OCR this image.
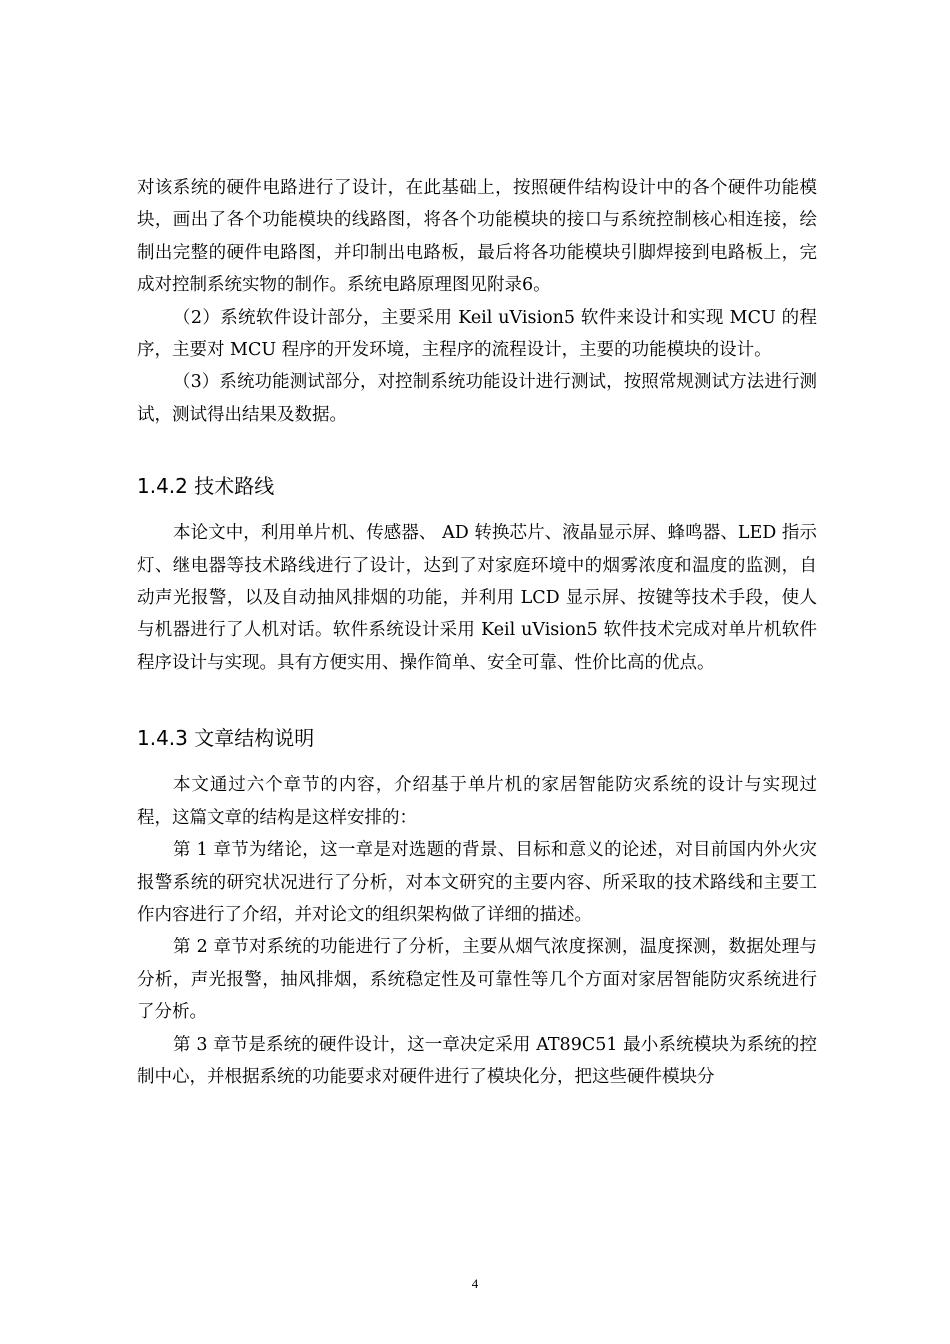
对该系统的硬件电路进行了设计，在此基础上，按照硬件结构设计中的各个硬件功能模块，画出了各个功能模块的线路图，将各个功能模块的接口与系统控制核心相连接，绘制出完整的硬件电路图，并印制出电路板，最后将各功能模块引脚焊接到电路板上，完成对控制系统实物的制作。系统电路原理图见附录6。

（2）系统软件设计部分，主要采用 Keil uVision5 软件来设计和实现 MCU 的程序，主要对 MCU 程序的开发环境，主程序的流程设计，主要的功能模块的设计。

（3）系统功能测试部分，对控制系统功能设计进行测试，按照常规测试方法进行测试，测试得出结果及数据。

1.4.2 技术路线

本论文中，利用单片机、传感器、 AD 转换芯片、液晶显示屏、蜂鸣器、LED 指示灯、继电器等技术路线进行了设计，达到了对家庭环境中的烟雾浓度和温度的监测，自动声光报警，以及自动抽风排烟的功能，并利用 LCD 显示屏、按键等技术手段，使人与机器进行了人机对话。软件系统设计采用 Keil uVision5 软件技术完成对单片机软件程序设计与实现。具有方便实用、操作简单、安全可靠、性价比高的优点。

1.4.3 文章结构说明

本文通过六个章节的内容，介绍基于单片机的家居智能防灾系统的设计与实现过程，这篇文章的结构是这样安排的：

第 1 章节为绪论，这一章是对选题的背景、目标和意义的论述，对目前国内外火灾报警系统的研究状况进行了分析，对本文研究的主要内容、所采取的技术路线和主要工作内容进行了介绍，并对论文的组织架构做了详细的描述。

第 2 章节对系统的功能进行了分析，主要从烟气浓度探测，温度探测，数据处理与分析，声光报警，抽风排烟，系统稳定性及可靠性等几个方面对家居智能防灾系统进行了分析。

第 3 章节是系统的硬件设计，这一章决定采用 AT89C51 最小系统模块为系统的控制中心，并根据系统的功能要求对硬件进行了模块化分，把这些硬件模块分

4
